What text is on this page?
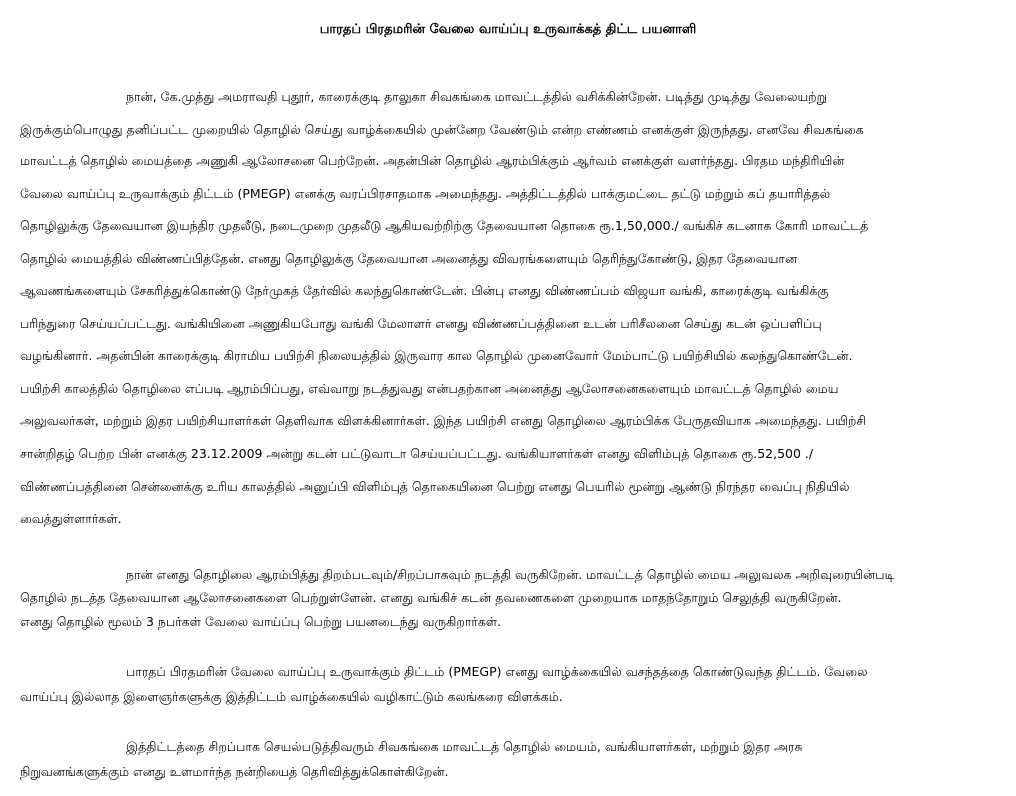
பாரதப் பிரதமரின் வேலை வாய்ப்பு உருவாக்கத் திட்ட பயனாளி
நான், கே.முத்து அமராவதி புதூர், காரைக்குடி தாலுகா சிவகங்கை மாவட்டத்தில் வசிக்கின்றேன். படித்து முடித்து வேலையற்று
இருக்கும்பொழுது தனிப்பட்ட முறையில் தொழில் செய்து வாழ்க்கையில் முன்னேற வேண்டும் என்ற எண்ணம் எனக்குள் இருந்தது. எனவே சிவகங்கை
மாவட்டத் தொழில் மையத்தை அணுகி ஆலோசனை பெற்றேன். அதன்பின் தொழில் ஆரம்பிக்கும் ஆர்வம் எனக்குள் வளர்ந்தது. பிரதம மந்திரியின்
வேலை வாய்ப்பு உருவாக்கும் திட்டம் (PMEGP) எனக்கு வரப்பிரசாதமாக அமைந்தது. அத்திட்டத்தில் பாக்குமட்டை தட்டு மற்றும் கப் தயாரித்தல்
தொழிலுக்கு தேவையான இயந்திர முதலீடு, நடைமுறை முதலீடு ஆகியவற்றிற்கு தேவையான தொகை ரூ.1,50,000./ வங்கிச் கடனாக கோரி மாவட்டத்
தொழில் மையத்தில் விண்ணப்பித்தேன். எனது தொழிலுக்கு தேவையான அனைத்து விவரங்களையும் தெரிந்துகோண்டு, இதர தேவையான
ஆவணங்களையும் சேகரித்துக்கொண்டு நேர்முகத் தேர்வில் கலந்துகொண்டேன். பின்பு எனது விண்ணப்பம் விஜயா வங்கி, காரைக்குடி வங்கிக்கு
பரிந்துரை செய்யப்பட்டது. வங்கியினை அணுகியபோது வங்கி மேலாளர் எனது விண்ணப்பத்தினை உடன் பரிசீலனை செய்து கடன் ஒப்பளிப்பு
வழங்கினார். அதன்பின் காரைக்குடி கிராமிய பயிற்சி நிலையத்தில் இருவார கால தொழில் முனைவோர் மேம்பாட்டு பயிற்சியில் கலந்துகொண்டேன்.
பயிற்சி காலத்தில் தொழிலை எப்படி ஆரம்பிப்பது, எவ்வாறு நடத்துவது என்பதற்கான அனைத்து ஆலோசனைகளையும் மாவட்டத் தொழில் மைய
அலுவலர்கள், மற்றும் இதர பயிற்சியாளர்கள் தெளிவாக விளக்கினார்கள். இந்த பயிற்சி எனது தொழிலை ஆரம்பிக்க பேருதவியாக அமைந்தது. பயிற்சி
சான்றிதழ் பெற்ற பின் எனக்கு 23.12.2009 அன்று கடன் பட்டுவாடா செய்யப்பட்டது. வங்கியாளர்கள் எனது விளிம்புத் தொகை ரூ.52,500 ./
விண்ணப்பத்தினை சென்னைக்கு உரிய காலத்தில் அனுப்பி விளிம்புத் தொகையினை பெற்று எனது பெயரில் மூன்று ஆண்டு நிரந்தர வைப்பு நிதியில்
வைத்துள்ளார்கள்.
நான் எனது தொழிலை ஆரம்பித்து திறம்படவும்/சிறப்பாகவும் நடத்தி வருகிறேன். மாவட்டத் தொழில் மைய அலுவலக அறிவுரையின்படி
தொழில் நடத்த தேவையான ஆலோசனைகளை பெற்றுள்ளேன். எனது வங்கிச் கடன் தவணைகளை முறையாக மாதந்தோறும் செலுத்தி வருகிறேன்.
எனது தொழில் மூலம் 3 நபர்கள் வேலை வாய்ப்பு பெற்று பயனடைந்து வருகிறார்கள்.
பாரதப் பிரதமரின் வேலை வாய்ப்பு உருவாக்கும் திட்டம் (PMEGP) எனது வாழ்க்கையில் வசந்தத்தை கொண்டுவந்த திட்டம். வேலை
வாய்ப்பு இல்லாத இளைஞர்களுக்கு இத்திட்டம் வாழ்க்கையில் வழிகாட்டும் கலங்கரை விளக்கம்.
இத்திட்டத்தை சிறப்பாக செயல்படுத்திவரும் சிவகங்கை மாவட்டத் தொழில் மையம், வங்கியாளர்கள், மற்றும் இதர அரசு
நிறுவனங்களுக்கும் எனது உளமார்ந்த நன்றியைத் தெரிவித்துக்கொள்கிறேன்.
